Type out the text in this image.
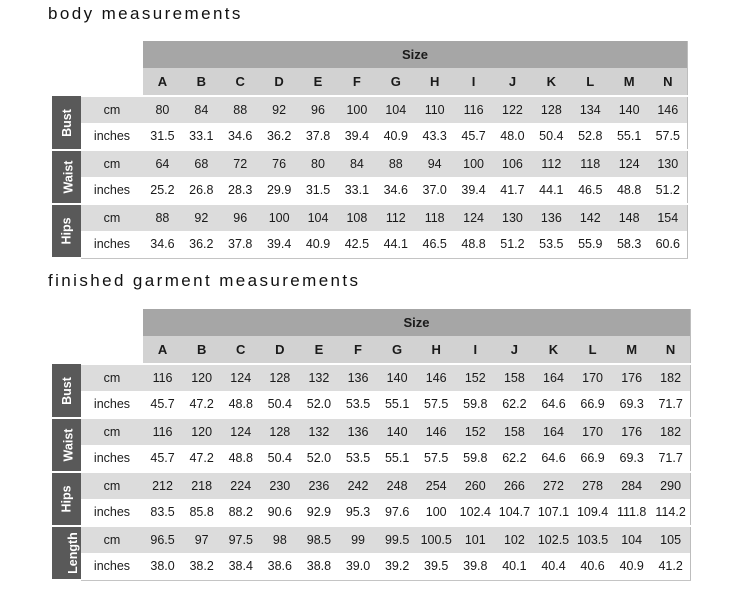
body measurements
		Size													
		A	B	C	D	E	F	G	H	I	J	K	L	M	N
Bust	cm	80	84	88	92	96	100	104	110	116	122	128	134	140	146
	inches	31.5	33.1	34.6	36.2	37.8	39.4	40.9	43.3	45.7	48.0	50.4	52.8	55.1	57.5
Waist	cm	64	68	72	76	80	84	88	94	100	106	112	118	124	130
	inches	25.2	26.8	28.3	29.9	31.5	33.1	34.6	37.0	39.4	41.7	44.1	46.5	48.8	51.2
Hips	cm	88	92	96	100	104	108	112	118	124	130	136	142	148	154
	inches	34.6	36.2	37.8	39.4	40.9	42.5	44.1	46.5	48.8	51.2	53.5	55.9	58.3	60.6
finished garment measurements
		Size													
		A	B	C	D	E	F	G	H	I	J	K	L	M	N
Bust	cm	116	120	124	128	132	136	140	146	152	158	164	170	176	182
	inches	45.7	47.2	48.8	50.4	52.0	53.5	55.1	57.5	59.8	62.2	64.6	66.9	69.3	71.7
Waist	cm	116	120	124	128	132	136	140	146	152	158	164	170	176	182
	inches	45.7	47.2	48.8	50.4	52.0	53.5	55.1	57.5	59.8	62.2	64.6	66.9	69.3	71.7
Hips	cm	212	218	224	230	236	242	248	254	260	266	272	278	284	290
	inches	83.5	85.8	88.2	90.6	92.9	95.3	97.6	100	102.4	104.7	107.1	109.4	111.8	114.2
Length	cm	96.5	97	97.5	98	98.5	99	99.5	100.5	101	102	102.5	103.5	104	105
	inches	38.0	38.2	38.4	38.6	38.8	39.0	39.2	39.5	39.8	40.1	40.4	40.6	40.9	41.2
